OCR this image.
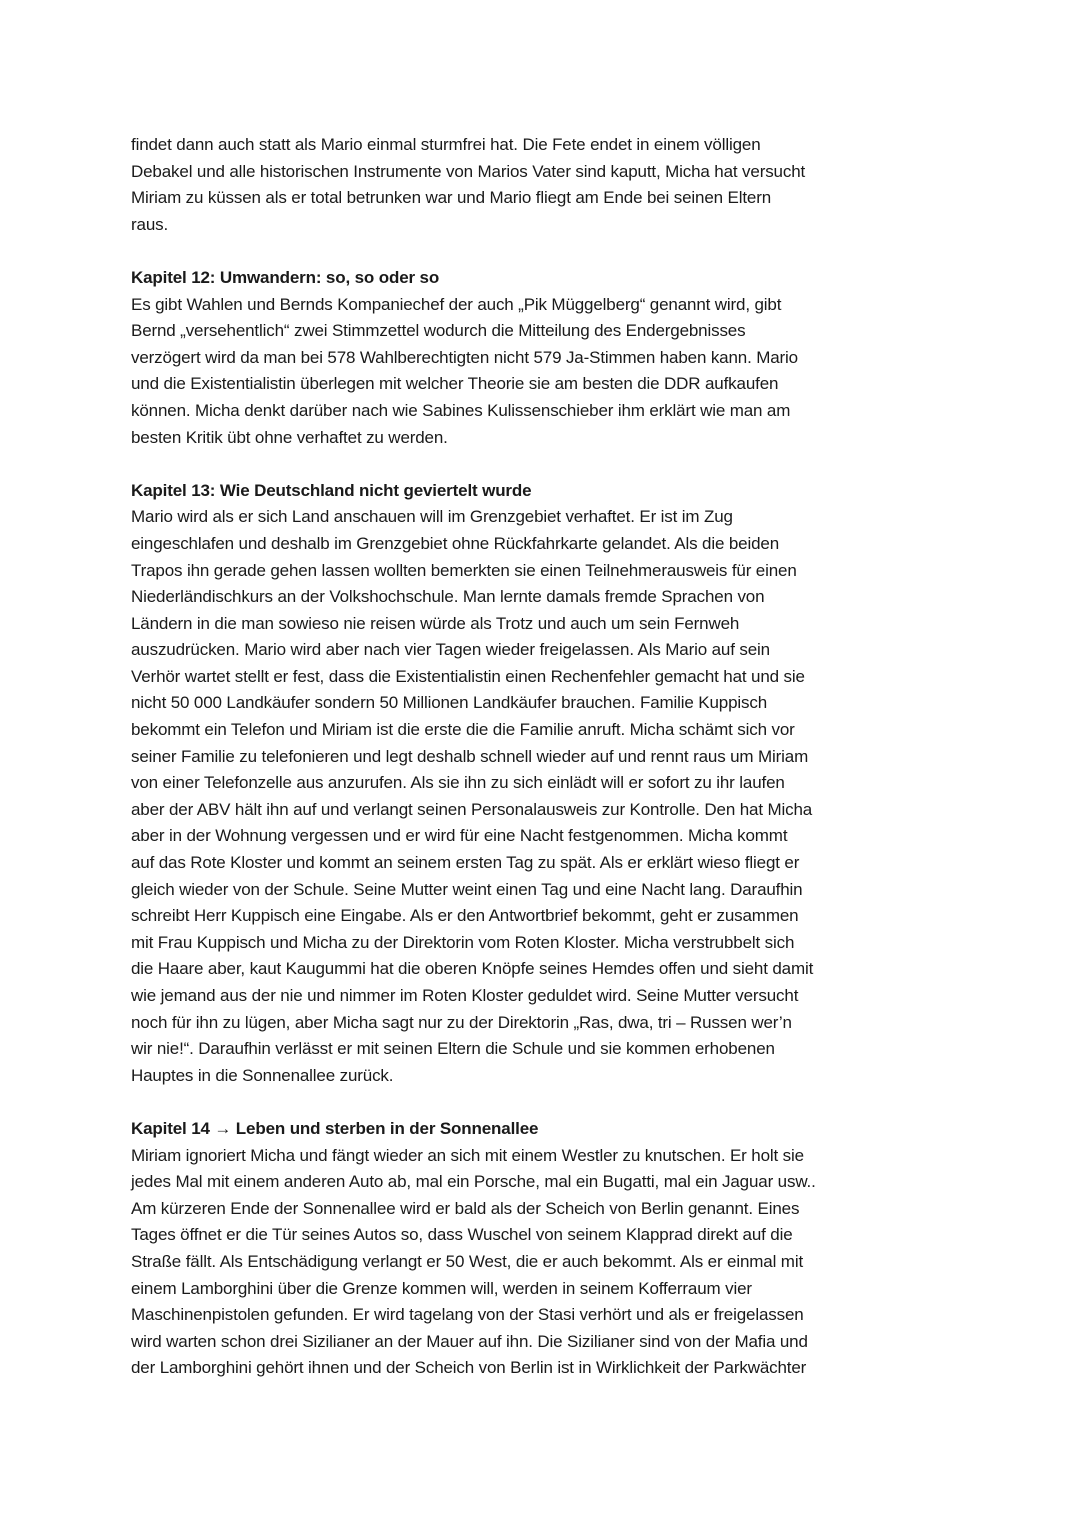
findet dann auch statt als Mario einmal sturmfrei hat. Die Fete endet in einem völligen
Debakel und alle historischen Instrumente von Marios Vater sind kaputt, Micha hat versucht
Miriam zu küssen als er total betrunken war und Mario fliegt am Ende bei seinen Eltern
raus.
Kapitel 12: Umwandern: so, so oder so
Es gibt Wahlen und Bernds Kompaniechef der auch „Pik Müggelberg“ genannt wird, gibt
Bernd „versehentlich“ zwei Stimmzettel wodurch die Mitteilung des Endergebnisses
verzögert wird da man bei 578 Wahlberechtigten nicht 579 Ja-Stimmen haben kann. Mario
und die Existentialistin überlegen mit welcher Theorie sie am besten die DDR aufkaufen
können. Micha denkt darüber nach wie Sabines Kulissenschieber ihm erklärt wie man am
besten Kritik übt ohne verhaftet zu werden.
Kapitel 13: Wie Deutschland nicht geviertelt wurde
Mario wird als er sich Land anschauen will im Grenzgebiet verhaftet. Er ist im Zug
eingeschlafen und deshalb im Grenzgebiet ohne Rückfahrkarte gelandet. Als die beiden
Trapos ihn gerade gehen lassen wollten bemerkten sie einen Teilnehmerausweis für einen
Niederländischkurs an der Volkshochschule. Man lernte damals fremde Sprachen von
Ländern in die man sowieso nie reisen würde als Trotz und auch um sein Fernweh
auszudrücken. Mario wird aber nach vier Tagen wieder freigelassen. Als Mario auf sein
Verhör wartet stellt er fest, dass die Existentialistin einen Rechenfehler gemacht hat und sie
nicht 50 000 Landkäufer sondern 50 Millionen Landkäufer brauchen. Familie Kuppisch
bekommt ein Telefon und Miriam ist die erste die die Familie anruft. Micha schämt sich vor
seiner Familie zu telefonieren und legt deshalb schnell wieder auf und rennt raus um Miriam
von einer Telefonzelle aus anzurufen. Als sie ihn zu sich einlädt will er sofort zu ihr laufen
aber der ABV hält ihn auf und verlangt seinen Personalausweis zur Kontrolle. Den hat Micha
aber in der Wohnung vergessen und er wird für eine Nacht festgenommen. Micha kommt
auf das Rote Kloster und kommt an seinem ersten Tag zu spät. Als er erklärt wieso fliegt er
gleich wieder von der Schule. Seine Mutter weint einen Tag und eine Nacht lang. Daraufhin
schreibt Herr Kuppisch eine Eingabe. Als er den Antwortbrief bekommt, geht er zusammen
mit Frau Kuppisch und Micha zu der Direktorin vom Roten Kloster. Micha verstrubbelt sich
die Haare aber, kaut Kaugummi hat die oberen Knöpfe seines Hemdes offen und sieht damit
wie jemand aus der nie und nimmer im Roten Kloster geduldet wird. Seine Mutter versucht
noch für ihn zu lügen, aber Micha sagt nur zu der Direktorin „Ras, dwa, tri – Russen wer’n
wir nie!“. Daraufhin verlässt er mit seinen Eltern die Schule und sie kommen erhobenen
Hauptes in die Sonnenallee zurück.
Kapitel 14 → Leben und sterben in der Sonnenallee
Miriam ignoriert Micha und fängt wieder an sich mit einem Westler zu knutschen. Er holt sie
jedes Mal mit einem anderen Auto ab, mal ein Porsche, mal ein Bugatti, mal ein Jaguar usw..
Am kürzeren Ende der Sonnenallee wird er bald als der Scheich von Berlin genannt. Eines
Tages öffnet er die Tür seines Autos so, dass Wuschel von seinem Klapprad direkt auf die
Straße fällt. Als Entschädigung verlangt er 50 West, die er auch bekommt. Als er einmal mit
einem Lamborghini über die Grenze kommen will, werden in seinem Kofferraum vier
Maschinenpistolen gefunden. Er wird tagelang von der Stasi verhört und als er freigelassen
wird warten schon drei Sizilianer an der Mauer auf ihn. Die Sizilianer sind von der Mafia und
der Lamborghini gehört ihnen und der Scheich von Berlin ist in Wirklichkeit der Parkwächter
